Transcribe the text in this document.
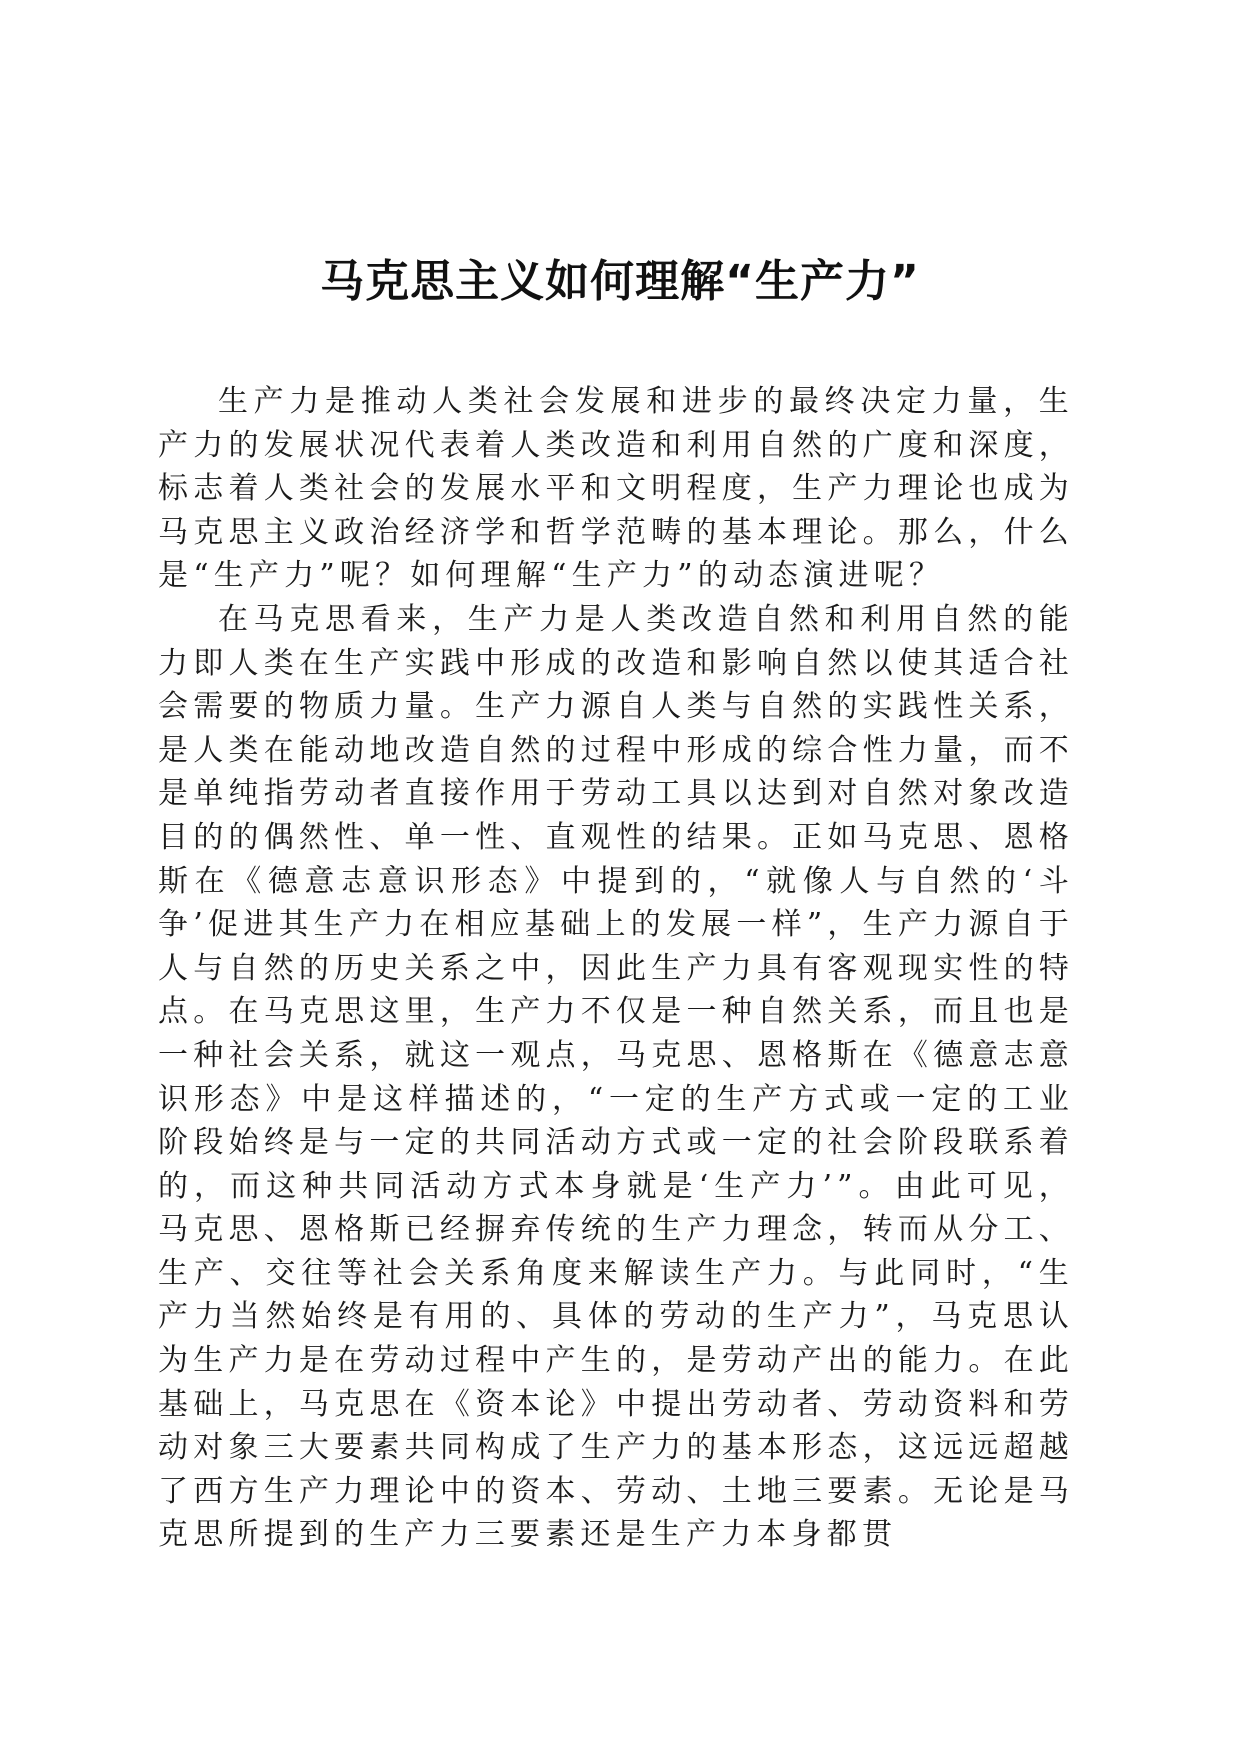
马克思主义如何理解“生产力”

生产力是推动人类社会发展和进步的最终决定力量，生产力的发展状况代表着人类改造和利用自然的广度和深度，标志着人类社会的发展水平和文明程度，生产力理论也成为马克思主义政治经济学和哲学范畴的基本理论。那么，什么是“生产力”呢？如何理解“生产力”的动态演进呢？

在马克思看来，生产力是人类改造自然和利用自然的能力即人类在生产实践中形成的改造和影响自然以使其适合社会需要的物质力量。生产力源自人类与自然的实践性关系，是人类在能动地改造自然的过程中形成的综合性力量，而不是单纯指劳动者直接作用于劳动工具以达到对自然对象改造目的的偶然性、单一性、直观性的结果。正如马克思、恩格斯在《德意志意识形态》中提到的，“就像人与自然的‘斗争’促进其生产力在相应基础上的发展一样”，生产力源自于人与自然的历史关系之中，因此生产力具有客观现实性的特点。在马克思这里，生产力不仅是一种自然关系，而且也是一种社会关系，就这一观点，马克思、恩格斯在《德意志意识形态》中是这样描述的，“一定的生产方式或一定的工业阶段始终是与一定的共同活动方式或一定的社会阶段联系着的，而这种共同活动方式本身就是‘生产力’”。由此可见，马克思、恩格斯已经摒弃传统的生产力理念，转而从分工、生产、交往等社会关系角度来解读生产力。与此同时，“生产力当然始终是有用的、具体的劳动的生产力”，马克思认为生产力是在劳动过程中产生的，是劳动产出的能力。在此基础上，马克思在《资本论》中提出劳动者、劳动资料和劳动对象三大要素共同构成了生产力的基本形态，这远远超越了西方生产力理论中的资本、劳动、土地三要素。无论是马克思所提到的生产力三要素还是生产力本身都贯
